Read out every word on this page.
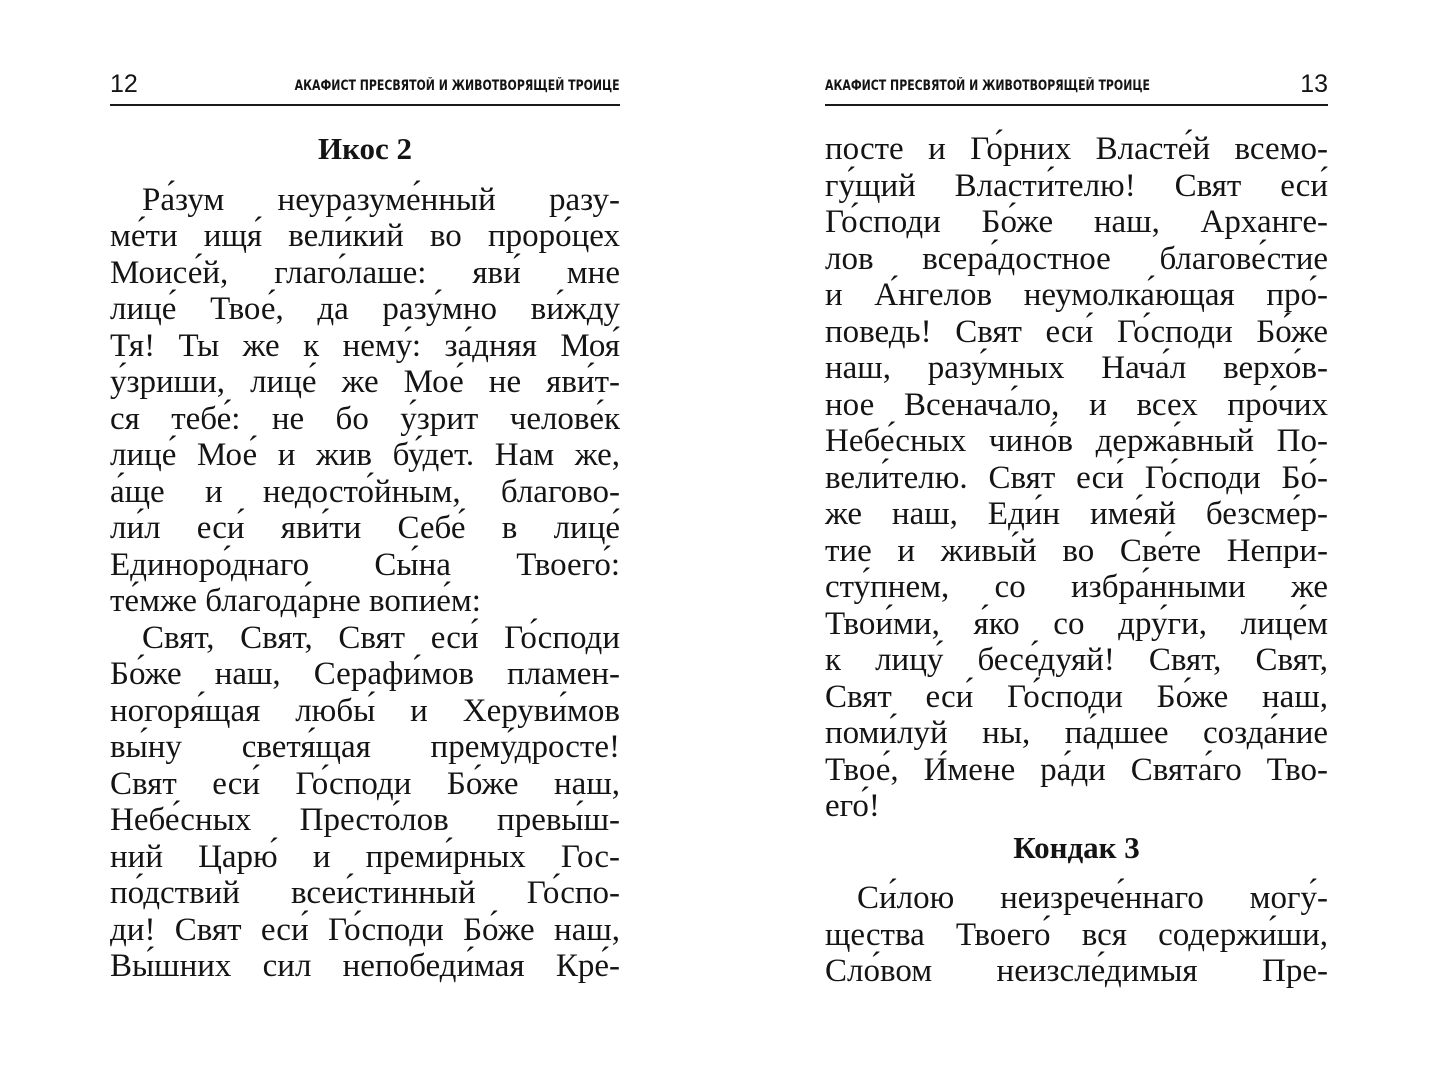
12	АКАФИСТ ПРЕСВЯТОЙ И ЖИВОТВОРЯЩЕЙ ТРОИЦЕ
Икос 2
Ра́зум неуразуме́нный разу-
ме́ти ищя́ вели́кий во проро́цех
Моисе́й, глаго́лаше: яви́ мне
лице́ Твое́, да разу́мно ви́жду
Тя! Ты же к нему́: за́дняя Моя́
у́зриши, лице́ же Мое́ не яви́т-
ся тебе́: не бо у́зрит челове́к
лице́ Мое́ и жив бу́дет. Нам же,
а́ще и недосто́йным, благово-
ли́л еси́ яви́ти Себе́ в лице́
Единоро́днаго Сы́на Твоего́:
те́мже благода́рне вопие́м:
Свят, Свят, Свят еси́ Го́споди
Бо́же наш, Серафи́мов пламен-
ногоря́щая любы́ и Херуви́мов
вы́ну светя́щая прему́дросте!
Свят еси́ Го́споди Бо́же наш,
Небе́сных Престо́лов превы́ш-
ний Царю́ и преми́рных Гос-
по́дствий всеи́стинный Го́спо-
ди! Свят еси́ Го́споди Бо́же наш,
Вы́шних сил непобеди́мая Кре́-
АКАФИСТ ПРЕСВЯТОЙ И ЖИВОТВОРЯЩЕЙ ТРОИЦЕ	13
посте и Го́рних Власте́й всемо-
гу́щий Власти́телю! Свят еси́
Го́споди Бо́же наш, Арханге-
лов всера́достное благове́стие
и А́нгелов неумолка́ющая про́-
поведь! Свят еси́ Го́споди Бо́же
наш, разу́мных Нача́л верхо́в-
ное Всенача́ло, и всех про́чих
Небе́сных чино́в держа́вный По-
вели́телю. Свят еси́ Го́споди Бо́-
же наш, Еди́н име́яй безсме́р-
тие и живы́й во Све́те Непри-
сту́пнем, со избра́нными же
Твои́ми, я́ко со дру́ги, лице́м
к лицу́ бесе́дуяй! Свят, Свят,
Свят еси́ Го́споди Бо́же наш,
поми́луй ны, па́дшее созда́ние
Твое́, И́мене ра́ди Свята́го Тво-
его́!
Кондак 3
Си́лою неизрече́ннаго могу́-
щества Твоего́ вся содержи́ши,
Сло́вом неизсле́димыя Пре-
